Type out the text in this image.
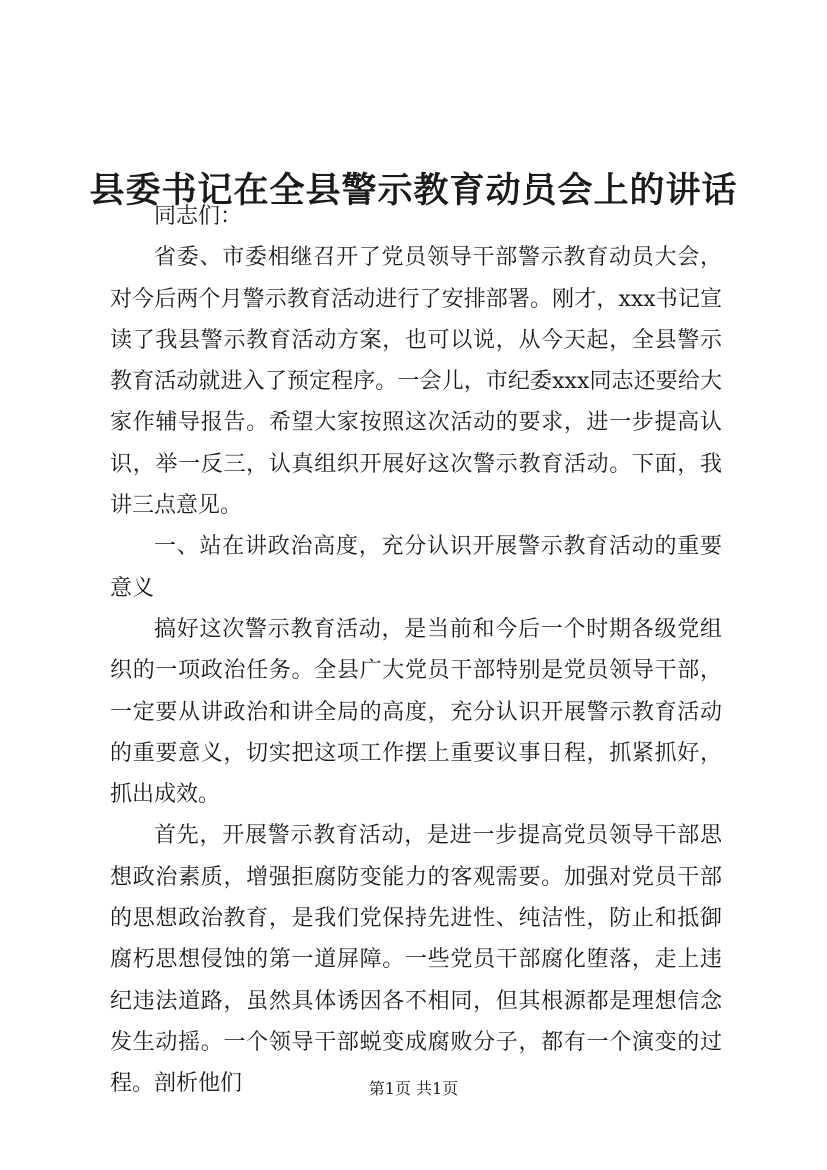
县委书记在全县警示教育动员会上的讲话

同志们：

省委、市委相继召开了党员领导干部警示教育动员大会，对今后两个月警示教育活动进行了安排部署。刚才，xxx书记宣读了我县警示教育活动方案，也可以说，从今天起，全县警示教育活动就进入了预定程序。一会儿，市纪委xxx同志还要给大家作辅导报告。希望大家按照这次活动的要求，进一步提高认识，举一反三，认真组织开展好这次警示教育活动。下面，我讲三点意见。

一、站在讲政治高度，充分认识开展警示教育活动的重要意义

搞好这次警示教育活动，是当前和今后一个时期各级党组织的一项政治任务。全县广大党员干部特别是党员领导干部，一定要从讲政治和讲全局的高度，充分认识开展警示教育活动的重要意义，切实把这项工作摆上重要议事日程，抓紧抓好，抓出成效。

首先，开展警示教育活动，是进一步提高党员领导干部思想政治素质，增强拒腐防变能力的客观需要。加强对党员干部的思想政治教育，是我们党保持先进性、纯洁性，防止和抵御腐朽思想侵蚀的第一道屏障。一些党员干部腐化堕落，走上违纪违法道路，虽然具体诱因各不相同，但其根源都是理想信念发生动摇。一个领导干部蜕变成腐败分子，都有一个演变的过程。剖析他们	第1页 共1页
